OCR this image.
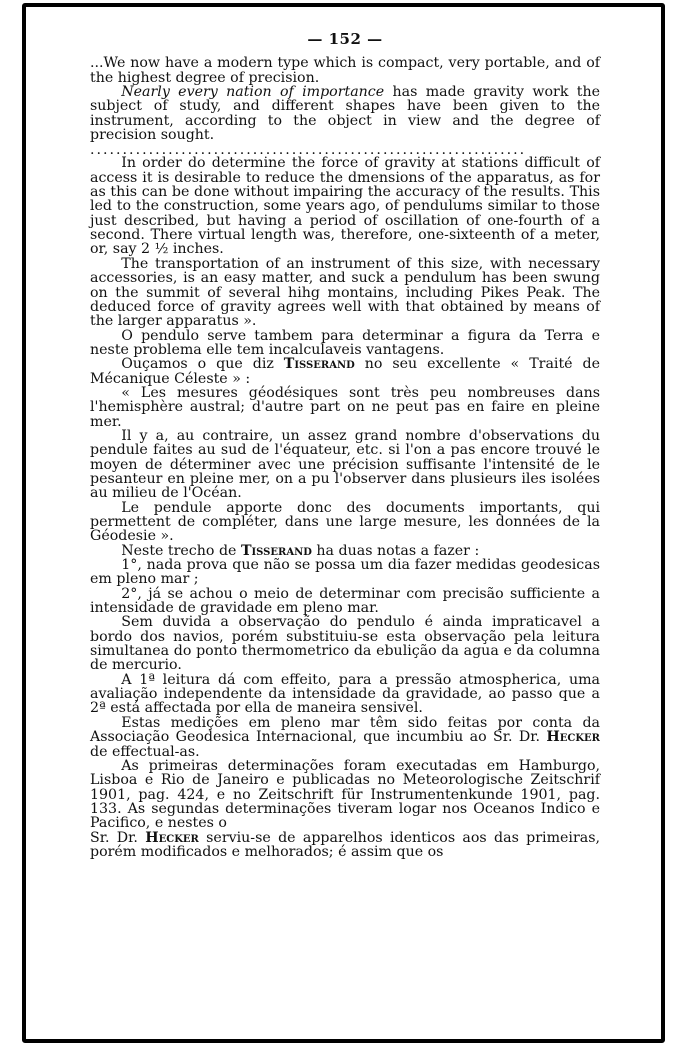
— 152 —

...We now have a modern type which is compact, very portable, and of the highest degree of precision.

Nearly every nation of importance has made gravity work the subject of study, and different shapes have been given to the instrument, according to the object in view and the degree of precision sought.

...................................................................

In order do determine the force of gravity at stations difficult of access it is desirable to reduce the dmensions of the apparatus, as for as this can be done without impairing the accuracy of the results. This led to the construction, some years ago, of pendulums similar to those just described, but having a period of oscillation of one-fourth of a second. There virtual length was, therefore, one-sixteenth of a meter, or, say 2 ½ inches.

The transportation of an instrument of this size, with necessary accessories, is an easy matter, and suck a pendulum has been swung on the summit of several hihg montains, including Pikes Peak. The deduced force of gravity agrees well with that obtained by means of the larger apparatus ».

O pendulo serve tambem para determinar a figura da Terra e neste problema elle tem incalculaveis vantagens.

Ouçamos o que diz Tisserand no seu excellente « Traité de Mécanique Céleste » :

« Les mesures géodésiques sont très peu nombreuses dans l'hemisphère austral; d'autre part on ne peut pas en faire en pleine mer.

Il y a, au contraire, un assez grand nombre d'observations du pendule faites au sud de l'équateur, etc. si l'on a pas encore trouvé le moyen de déterminer avec une précision suffisante l'intensité de le pesanteur en pleine mer, on a pu l'observer dans plusieurs iles isolées au milieu de l'Océan.

Le pendule apporte donc des documents importants, qui permettent de compléter, dans une large mesure, les données de la Géodesie ».

Neste trecho de Tisserand ha duas notas a fazer :

1°, nada prova que não se possa um dia fazer medidas geodesicas em pleno mar ;

2°, já se achou o meio de determinar com precisão sufficiente a intensidade de gravidade em pleno mar.

Sem duvida a observação do pendulo é ainda impraticavel a bordo dos navios, porém substituiu-se esta observação pela leitura simultanea do ponto thermometrico da ebulição da agua e da columna de mercurio.

A 1ª leitura dá com effeito, para a pressão atmospherica, uma avaliação independente da intensidade da gravidade, ao passo que a 2ª está affectada por ella de maneira sensivel.

Estas medições em pleno mar têm sido feitas por conta da Associação Geodesica Internacional, que incumbiu ao Sr. Dr. Hecker de effectual-as.

As primeiras determinações foram executadas em Hamburgo, Lisboa e Rio de Janeiro e publicadas no Meteorologische Zeitschrif 1901, pag. 424, e no Zeitschrift für Instrumentenkunde 1901, pag. 133. As segundas determinações tiveram logar nos Oceanos Indico e Pacifico, e nestes o

Sr. Dr. Hecker serviu-se de apparelhos identicos aos das primeiras, porém modificados e melhorados; é assim que os
